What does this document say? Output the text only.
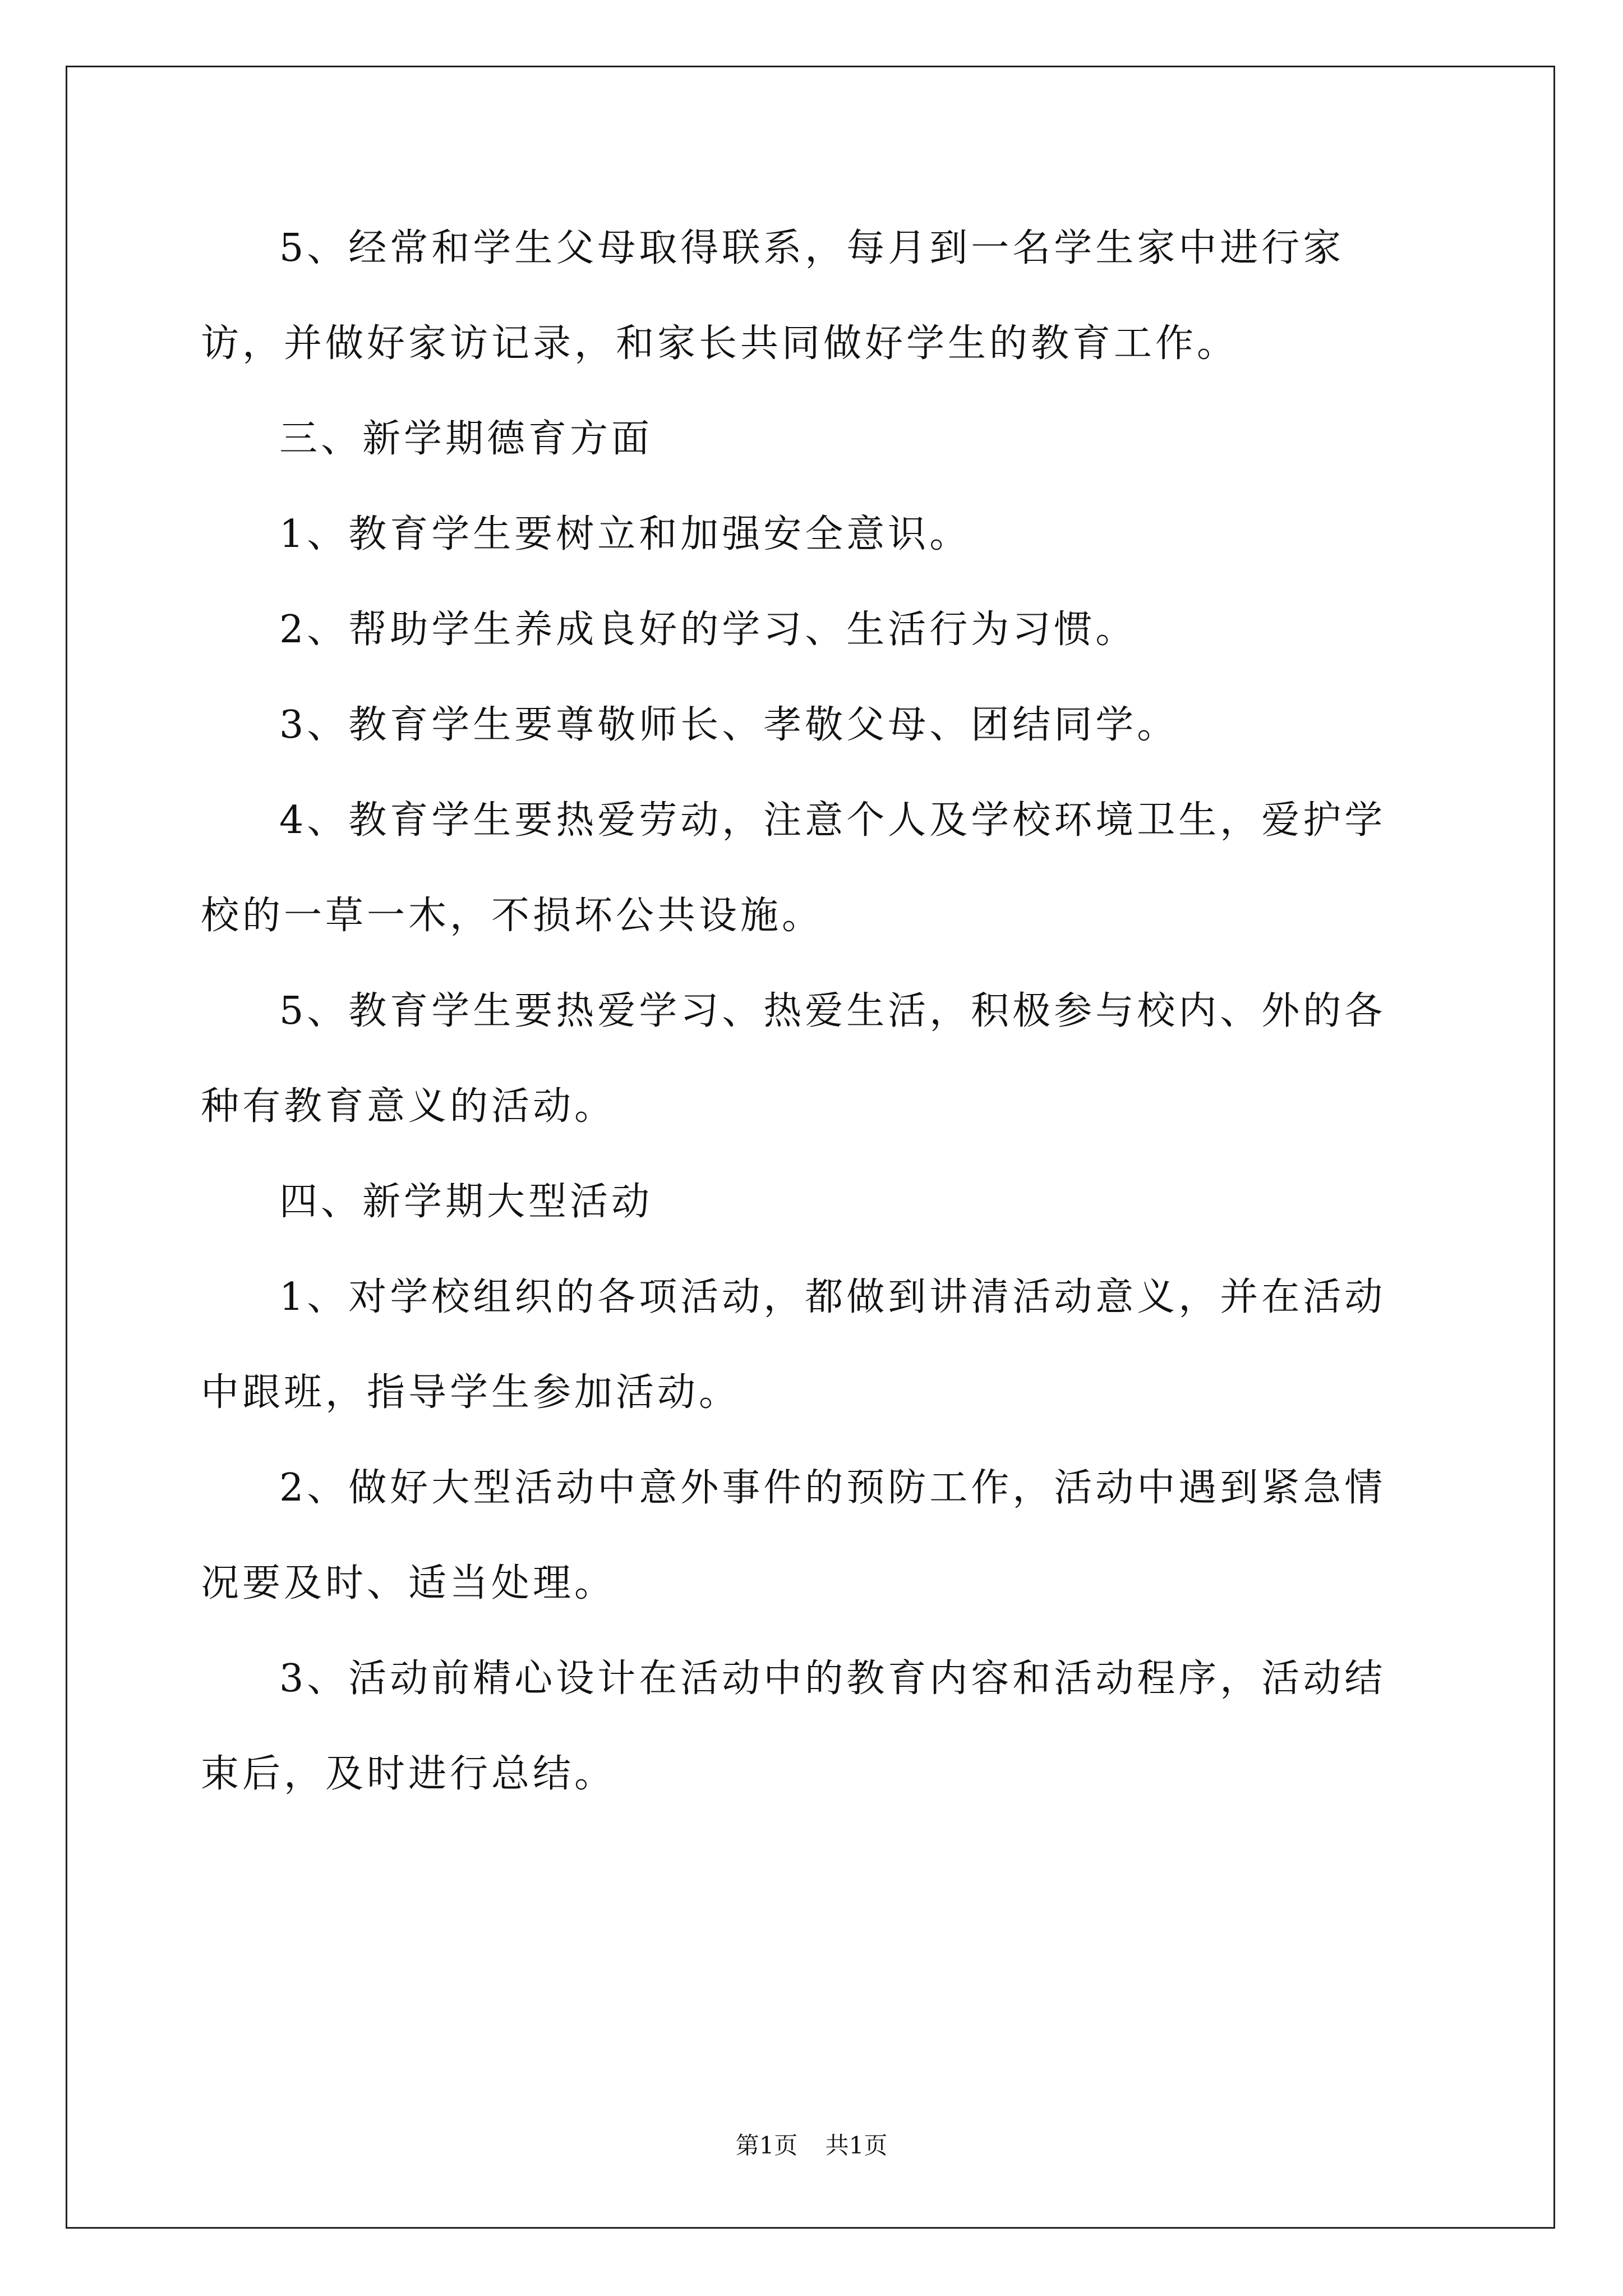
5、经常和学生父母取得联系，每月到一名学生家中进行家访，并做好家访记录，和家长共同做好学生的教育工作。

三、新学期德育方面

1、教育学生要树立和加强安全意识。

2、帮助学生养成良好的学习、生活行为习惯。

3、教育学生要尊敬师长、孝敬父母、团结同学。

4、教育学生要热爱劳动，注意个人及学校环境卫生，爱护学校的一草一木，不损坏公共设施。

5、教育学生要热爱学习、热爱生活，积极参与校内、外的各种有教育意义的活动。

四、新学期大型活动

1、对学校组织的各项活动，都做到讲清活动意义，并在活动中跟班，指导学生参加活动。

2、做好大型活动中意外事件的预防工作，活动中遇到紧急情况要及时、适当处理。

3、活动前精心设计在活动中的教育内容和活动程序，活动结束后，及时进行总结。

第1页 共1页
